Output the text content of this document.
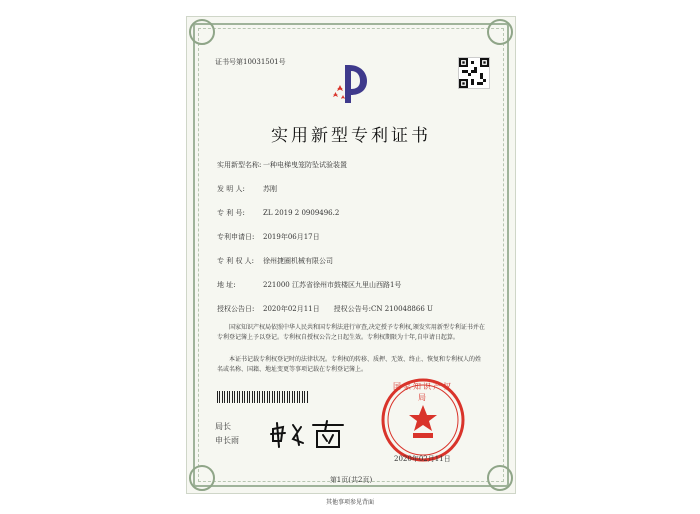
证书号第10031501号
实用新型专利证书
实用新型名称: 一种电梯曳笼防坠试验装置
发 明 人:	苏刚
专 利 号:	ZL 2019 2 0909496.2
专利申请日: 2019年06月17日
专 利 权 人: 徐州捷圈机械有限公司
地 址:	221000 江苏省徐州市鼓楼区九里山西路1号
授权公告日: 2020年02月11日 授权公告号:CN 210048866 U
国家知识产权局依照中华人民共和国专利法进行审查,决定授予专利权,颁发实用新型专利证书并在专利登记簿上予以登记。专利权自授权公告之日起生效。专利权期限为十年,自申请日起算。
本证书记载专利权登记时的法律状况。专利权的转移、质押、无效、终止、恢复和专利权人的姓名或名称、国籍、地址变更等事项记载在专利登记簿上。
局长
申长雨
国家知识产权局
2020年02月11日
第1页(共2页)
其他事项参见背面
